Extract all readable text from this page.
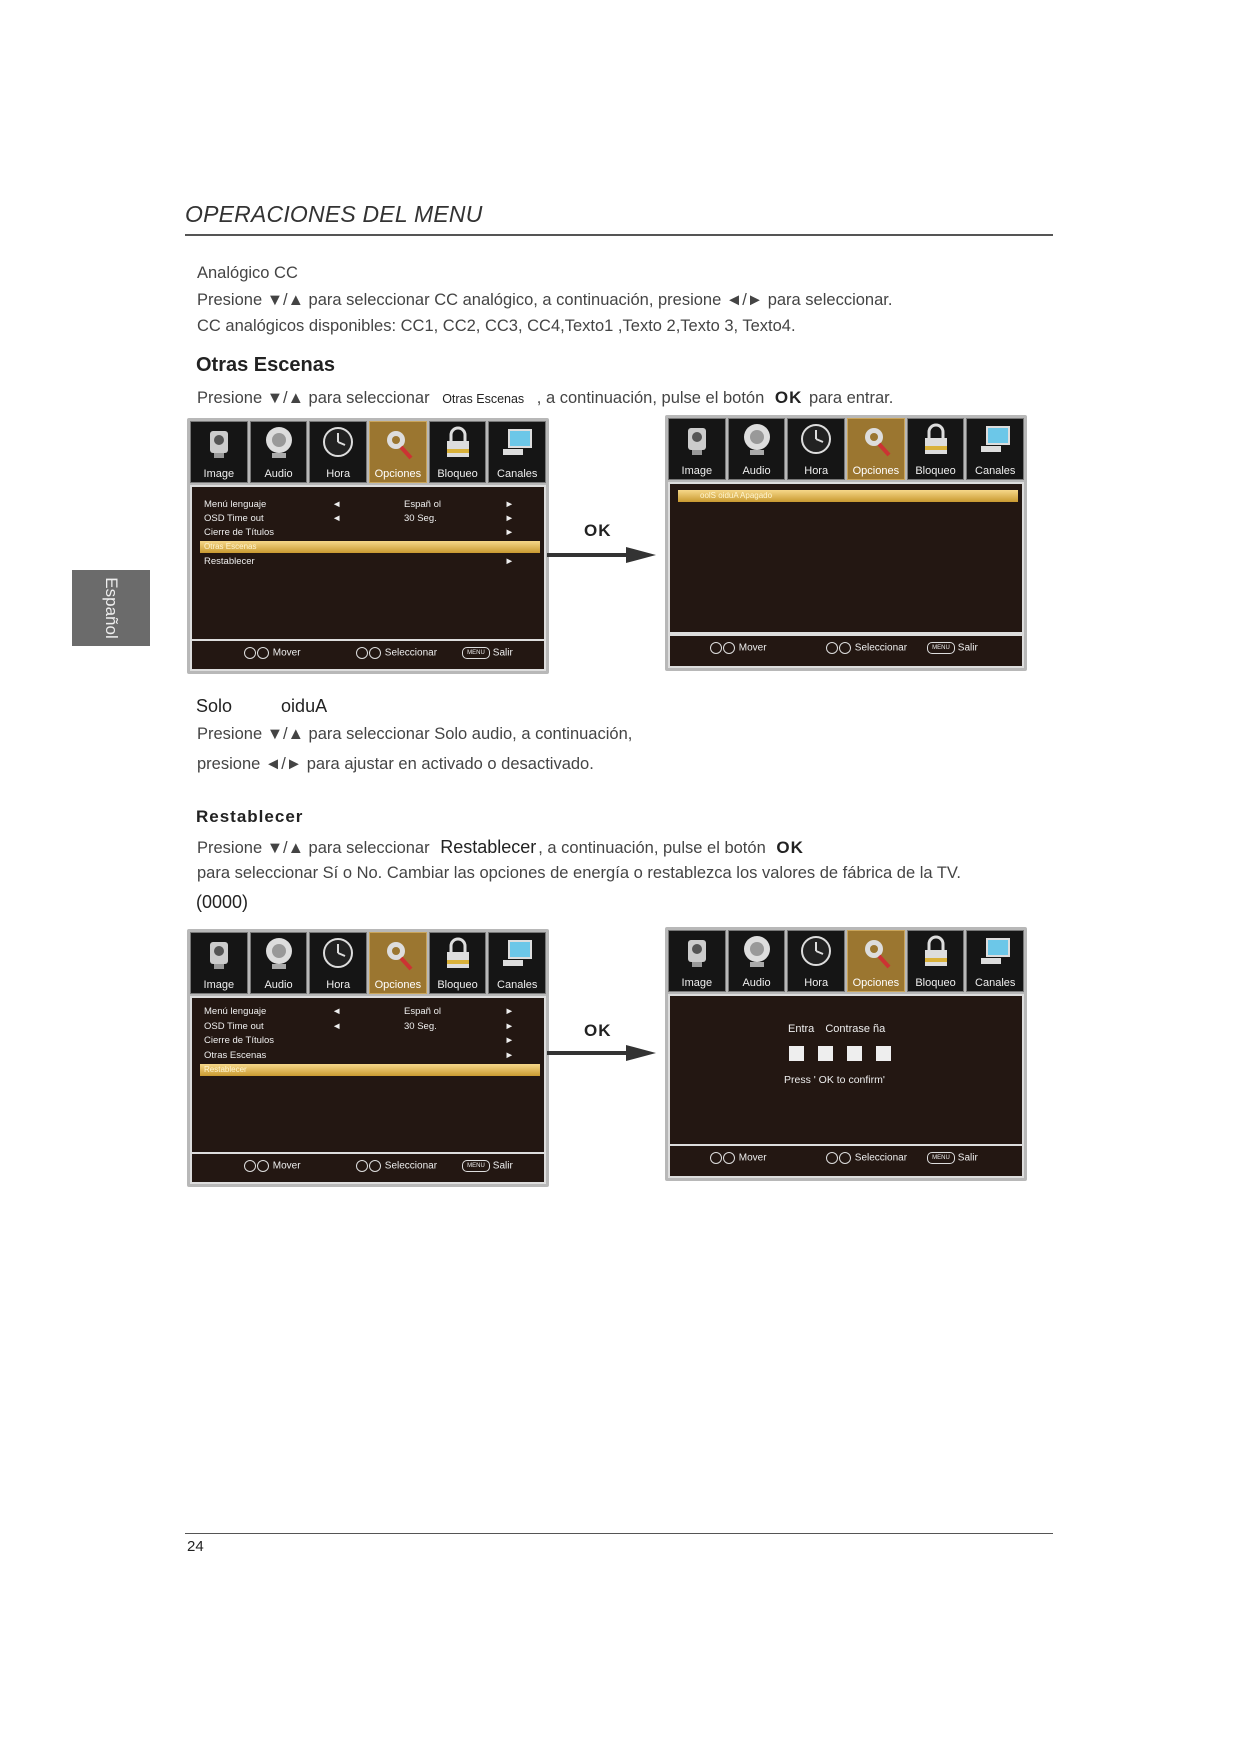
OPERACIONES DEL MENU
Español
Analógico CC
Presione ▼/▲ para seleccionar CC analógico, a continuación, presione ◄/► para seleccionar.
CC analógicos disponibles: CC1, CC2, CC3, CC4,Texto1 ,Texto 2,Texto 3, Texto4.
Otras Escenas
Presione ▼/▲ para seleccionar Otras Escenas , a continuación, pulse el botón OK para entrar.
Image	Audio	Hora	Opciones	Bloqueo	Canales
Menú lenguaje	◄	Españ ol	►
OSD Time out	◄	30 Seg.	►
Cierre de Títulos	►
Otras Escenas
Restablecer	►
Mover	Seleccionar	MENU Salir
OK
Image	Audio	Hora	Opciones	Bloqueo	Canales
oolS oiduA Apagado
Mover	Seleccionar	MENU Salir
Solo	oiduA
Presione ▼/▲ para seleccionar Solo audio, a continuación,
presione ◄/► para ajustar en activado o desactivado.
Restablecer
Presione ▼/▲ para seleccionar Restablecer , a continuación, pulse el botón OK
para seleccionar Sí o No. Cambiar las opciones de energía o restablezca los valores de fábrica de la TV.
(0000)
Image	Audio	Hora	Opciones	Bloqueo	Canales
Menú lenguaje	◄	Españ ol	►
OSD Time out	◄	30 Seg.	►
Cierre de Títulos	►
Otras Escenas	►
Restablecer
Mover	Seleccionar	MENU Salir
OK
Image	Audio	Hora	Opciones	Bloqueo	Canales
Entra Contrase ña
Press ' OK to confirm'
Mover	Seleccionar	MENU Salir
24
